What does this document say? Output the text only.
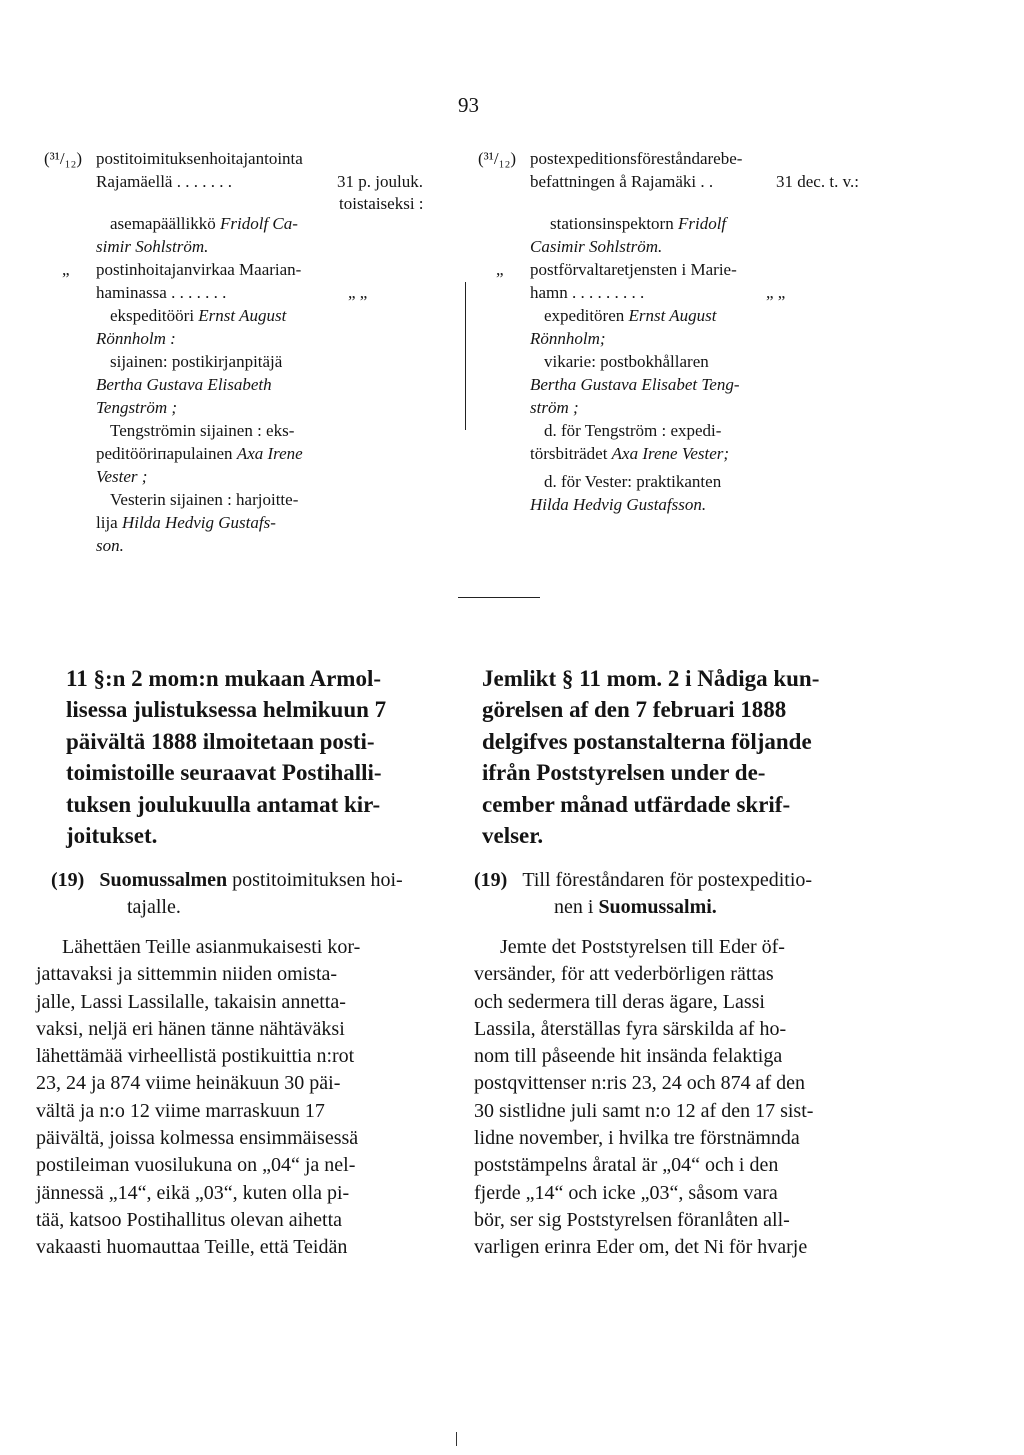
93
(³¹/₁₂) postitoimituksenhoitajantointa
Rajamäellä . . . . . . .	31 p. jouluk.
toistaiseksi :
asemapäällikkö Fridolf Ca-
simir Sohlström.
„ postinhoitajanvirkaa Maarian-
haminassa . . . . . . .	„ „
ekspeditööri Ernst August
Rönnholm :
sijainen: postikirjanpitäjä
Bertha Gustava Elisabeth
Tengström ;
Tengströmin sijainen : eks-
peditööriпapulainen Axa Irene
Vester ;
Vesterin sijainen : harjoitte-
lija Hilda Hedvig Gustafs-
son.
(³¹/₁₂) postexpeditionsföreståndarebe-
befattningen å Rajamäki . .	31 dec. t. v.:
stationsinspektorn Fridolf
Casimir Sohlström.
„ postförvaltaretjensten i Marie-
hamn . . . . . . . . .	„ „
expeditören Ernst August
Rönnholm;
vikarie: postbokhållaren
Bertha Gustava Elisabet Teng-
ström ;
d. för Tengström : expedi-
törsbiträdet Axa Irene Vester;
d. för Vester: praktikanten
Hilda Hedvig Gustafsson.
11 §:n 2 mom:n mukaan Armol-
lisessa julistuksessa helmikuun 7
päivältä 1888 ilmoitetaan posti-
toimistoille seuraavat Postihalli-
tuksen joulukuulla antamat kir-
joitukset.
Jemlikt § 11 mom. 2 i Nådiga kun-
görelsen af den 7 februari 1888
delgifves postanstalterna följande
ifrån Poststyrelsen under de-
cember månad utfärdade skrif-
velser.
(19) Suomussalmen postitoimituksen hoi-
tajalle.
(19) Till föreståndaren för postexpeditio-
nen i Suomussalmi.
Lähettäen Teille asianmukaisesti kor-
jattavaksi ja sittemmin niiden omista-
jalle, Lassi Lassilalle, takaisin annetta-
vaksi, neljä eri hänen tänne nähtäväksi
lähettämää virheellistä postikuittia n:rot
23, 24 ja 874 viime heinäkuun 30 päi-
vältä ja n:o 12 viime marraskuun 17
päivältä, joissa kolmessa ensimmäisessä
postileiman vuosilukuna on „04“ ja nel-
jännessä „14“, eikä „03“, kuten olla pi-
tää, katsoo Postihallitus olevan aihetta
vakaasti huomauttaa Teille, että Teidän
Jemte det Poststyrelsen till Eder öf-
versänder, för att vederbörligen rättas
och sedermera till deras ägare, Lassi
Lassila, återställas fyra särskilda af ho-
nom till påseende hit insända felaktiga
postqvittenser n:ris 23, 24 och 874 af den
30 sistlidne juli samt n:o 12 af den 17 sist-
lidne november, i hvilka tre förstnämnda
poststämpelns åratal är „04“ och i den
fjerde „14“ och icke „03“, såsom vara
bör, ser sig Poststyrelsen föranlåten all-
varligen erinra Eder om, det Ni för hvarje
